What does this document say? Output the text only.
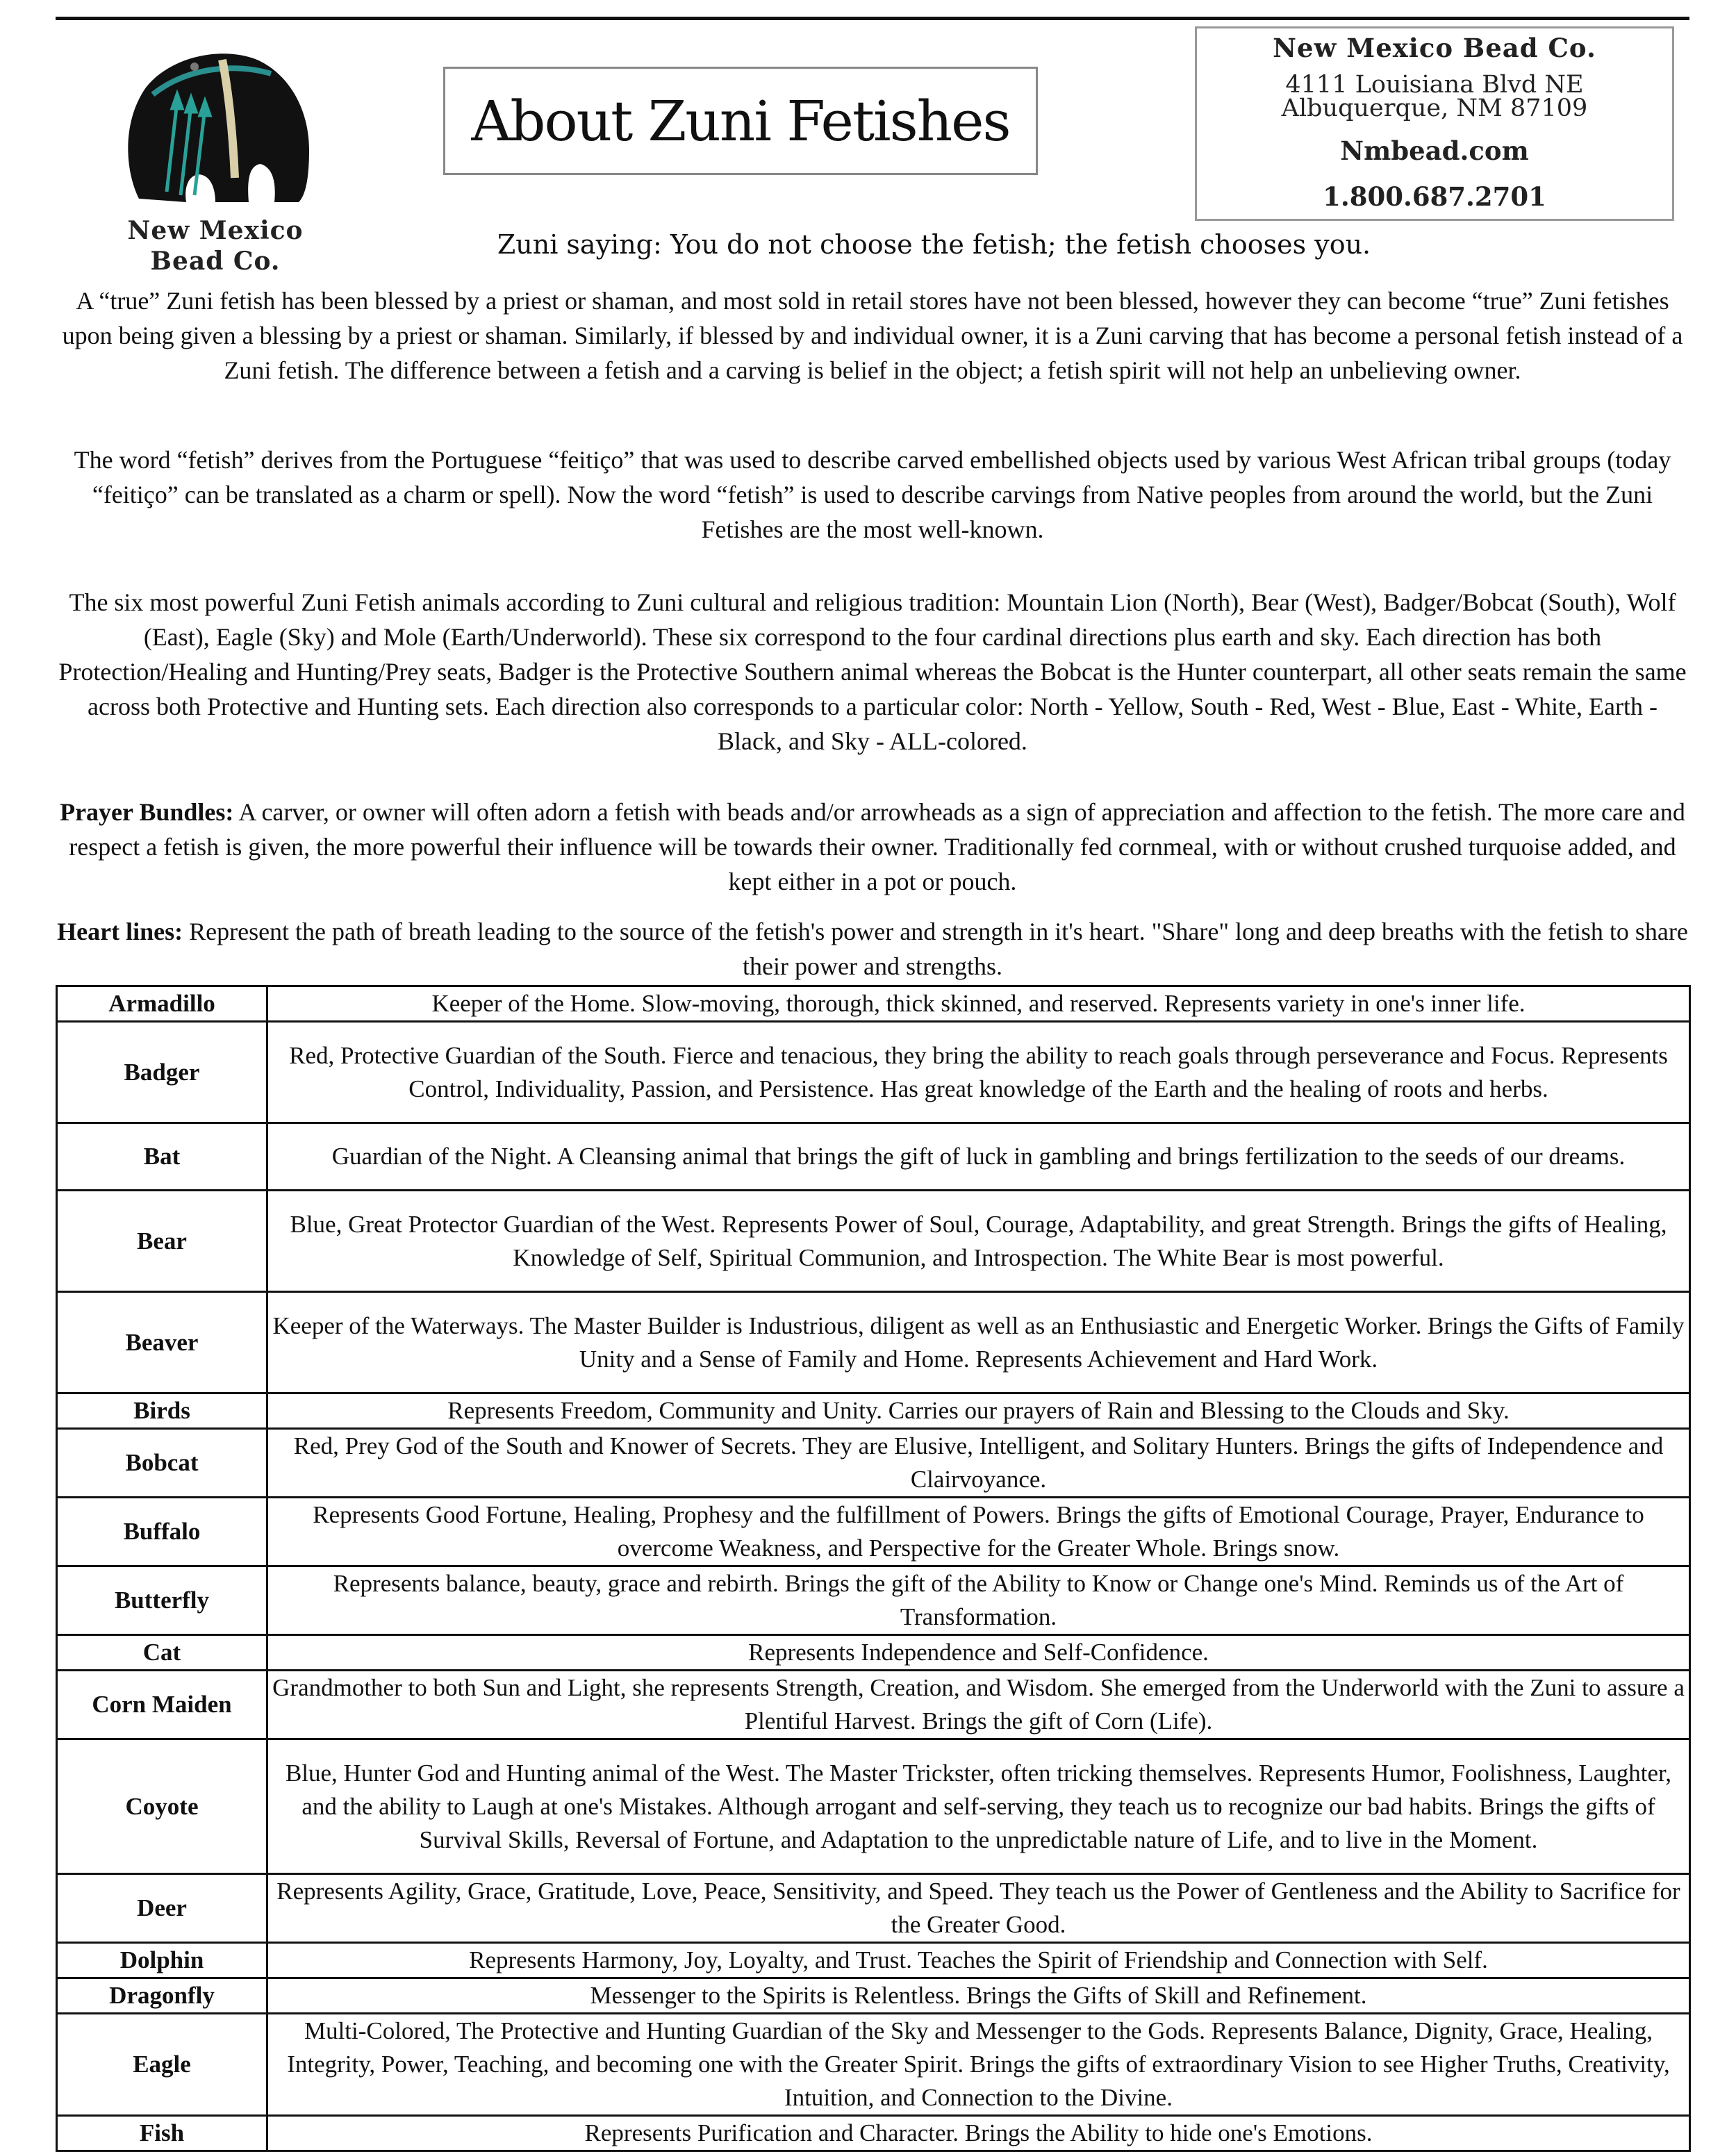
New Mexico
Bead Co.
About Zuni Fetishes
New Mexico Bead Co.
4111 Louisiana Blvd NE
Albuquerque, NM 87109
Nmbead.com
1.800.687.2701
Zuni saying: You do not choose the fetish; the fetish chooses you.

A “true” Zuni fetish has been blessed by a priest or shaman, and most sold in retail stores have not been blessed, however they can become “true” Zuni fetishes upon being given a blessing by a priest or shaman. Similarly, if blessed by and individual owner, it is a Zuni carving that has become a personal fetish instead of a Zuni fetish. The difference between a fetish and a carving is belief in the object; a fetish spirit will not help an unbelieving owner.

The word “fetish” derives from the Portuguese “feitiço” that was used to describe carved embellished objects used by various West African tribal groups (today “feitiço” can be translated as a charm or spell). Now the word “fetish” is used to describe carvings from Native peoples from around the world, but the Zuni Fetishes are the most well-known.

The six most powerful Zuni Fetish animals according to Zuni cultural and religious tradition: Mountain Lion (North), Bear (West), Badger/Bobcat (South), Wolf (East), Eagle (Sky) and Mole (Earth/Underworld). These six correspond to the four cardinal directions plus earth and sky. Each direction has both Protection/Healing and Hunting/Prey seats, Badger is the Protective Southern animal whereas the Bobcat is the Hunter counterpart, all other seats remain the same across both Protective and Hunting sets. Each direction also corresponds to a particular color: North - Yellow, South - Red, West - Blue, East - White, Earth - Black, and Sky - ALL-colored.

Prayer Bundles: A carver, or owner will often adorn a fetish with beads and/or arrowheads as a sign of appreciation and affection to the fetish. The more care and respect a fetish is given, the more powerful their influence will be towards their owner. Traditionally fed cornmeal, with or without crushed turquoise added, and kept either in a pot or pouch.

Heart lines: Represent the path of breath leading to the source of the fetish's power and strength in it's heart. "Share" long and deep breaths with the fetish to share their power and strengths.

Armadillo	Keeper of the Home. Slow-moving, thorough, thick skinned, and reserved. Represents variety in one's inner life.
Badger	Red, Protective Guardian of the South. Fierce and tenacious, they bring the ability to reach goals through perseverance and Focus. Represents Control, Individuality, Passion, and Persistence. Has great knowledge of the Earth and the healing of roots and herbs.
Bat	Guardian of the Night. A Cleansing animal that brings the gift of luck in gambling and brings fertilization to the seeds of our dreams.
Bear	Blue, Great Protector Guardian of the West. Represents Power of Soul, Courage, Adaptability, and great Strength. Brings the gifts of Healing, Knowledge of Self, Spiritual Communion, and Introspection. The White Bear is most powerful.
Beaver	Keeper of the Waterways. The Master Builder is Industrious, diligent as well as an Enthusiastic and Energetic Worker. Brings the Gifts of Family Unity and a Sense of Family and Home. Represents Achievement and Hard Work.
Birds	Represents Freedom, Community and Unity. Carries our prayers of Rain and Blessing to the Clouds and Sky.
Bobcat	Red, Prey God of the South and Knower of Secrets. They are Elusive, Intelligent, and Solitary Hunters. Brings the gifts of Independence and Clairvoyance.
Buffalo	Represents Good Fortune, Healing, Prophesy and the fulfillment of Powers. Brings the gifts of Emotional Courage, Prayer, Endurance to overcome Weakness, and Perspective for the Greater Whole. Brings snow.
Butterfly	Represents balance, beauty, grace and rebirth. Brings the gift of the Ability to Know or Change one's Mind. Reminds us of the Art of Transformation.
Cat	Represents Independence and Self-Confidence.
Corn Maiden	Grandmother to both Sun and Light, she represents Strength, Creation, and Wisdom. She emerged from the Underworld with the Zuni to assure a Plentiful Harvest. Brings the gift of Corn (Life).
Coyote	Blue, Hunter God and Hunting animal of the West. The Master Trickster, often tricking themselves. Represents Humor, Foolishness, Laughter, and the ability to Laugh at one's Mistakes. Although arrogant and self-serving, they teach us to recognize our bad habits. Brings the gifts of Survival Skills, Reversal of Fortune, and Adaptation to the unpredictable nature of Life, and to live in the Moment.
Deer	Represents Agility, Grace, Gratitude, Love, Peace, Sensitivity, and Speed. They teach us the Power of Gentleness and the Ability to Sacrifice for the Greater Good.
Dolphin	Represents Harmony, Joy, Loyalty, and Trust. Teaches the Spirit of Friendship and Connection with Self.
Dragonfly	Messenger to the Spirits is Relentless. Brings the Gifts of Skill and Refinement.
Eagle	Multi-Colored, The Protective and Hunting Guardian of the Sky and Messenger to the Gods. Represents Balance, Dignity, Grace, Healing, Integrity, Power, Teaching, and becoming one with the Greater Spirit. Brings the gifts of extraordinary Vision to see Higher Truths, Creativity, Intuition, and Connection to the Divine.
Fish	Represents Purification and Character. Brings the Ability to hide one's Emotions.
